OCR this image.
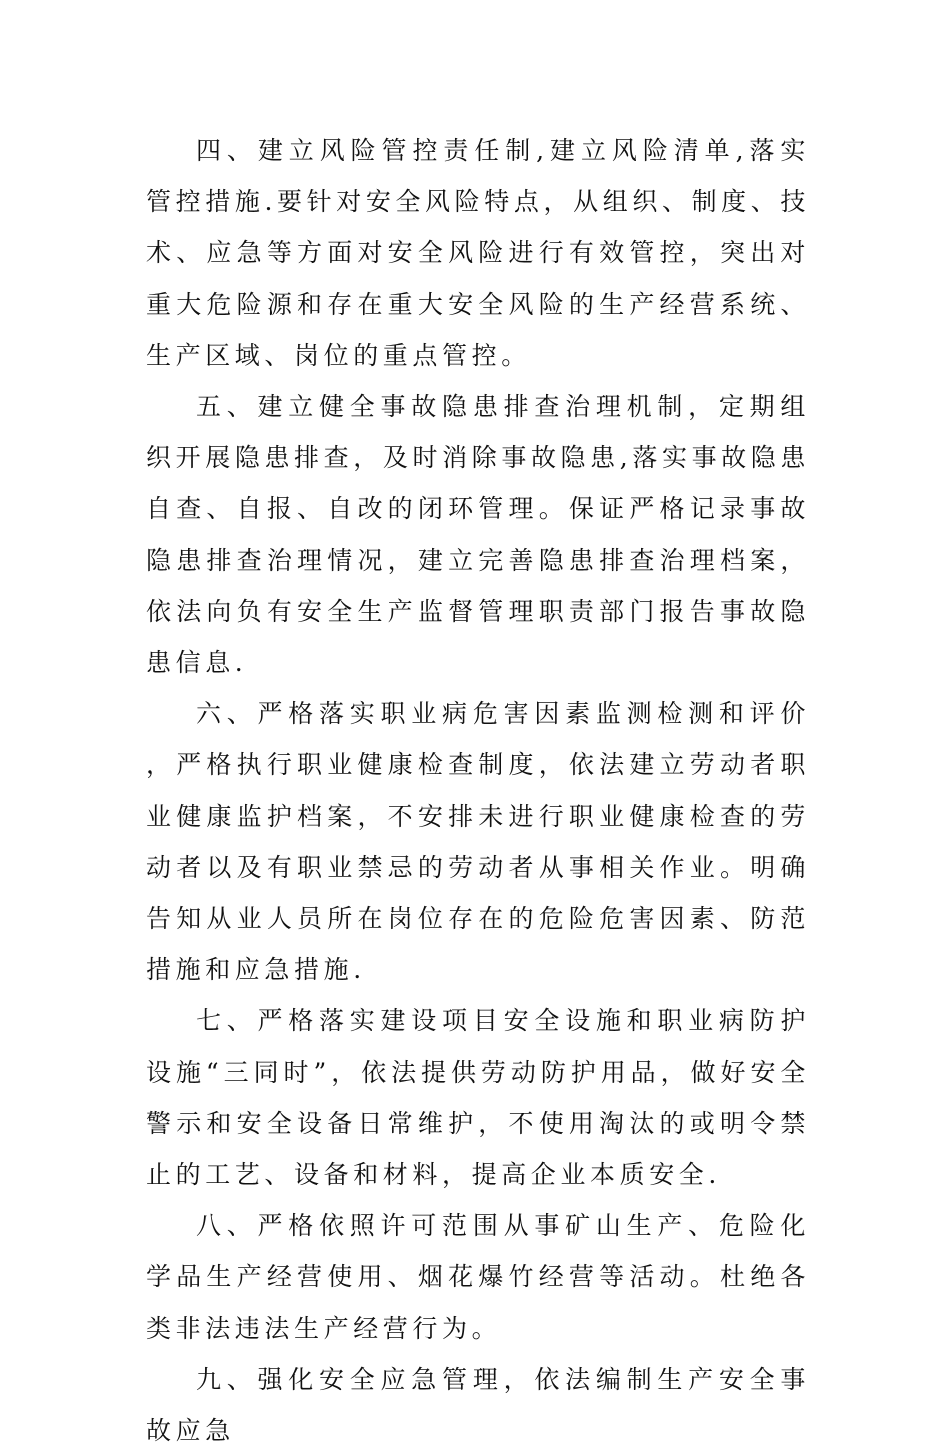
四、建立风险管控责任制,建立风险清单,落实管控措施.要针对安全风险特点，从组织、制度、技术、应急等方面对安全风险进行有效管控，突出对重大危险源和存在重大安全风险的生产经营系统、生产区域、岗位的重点管控。

五、建立健全事故隐患排查治理机制，定期组织开展隐患排查，及时消除事故隐患,落实事故隐患自查、自报、自改的闭环管理。保证严格记录事故隐患排查治理情况，建立完善隐患排查治理档案，依法向负有安全生产监督管理职责部门报告事故隐患信息.

六、严格落实职业病危害因素监测检测和评价，严格执行职业健康检查制度，依法建立劳动者职业健康监护档案，不安排未进行职业健康检查的劳动者以及有职业禁忌的劳动者从事相关作业。明确告知从业人员所在岗位存在的危险危害因素、防范措施和应急措施.

七、严格落实建设项目安全设施和职业病防护设施“三同时”，依法提供劳动防护用品，做好安全警示和安全设备日常维护，不使用淘汰的或明令禁止的工艺、设备和材料，提高企业本质安全.

八、严格依照许可范围从事矿山生产、危险化学品生产经营使用、烟花爆竹经营等活动。杜绝各类非法违法生产经营行为。

九、强化安全应急管理，依法编制生产安全事故应急
